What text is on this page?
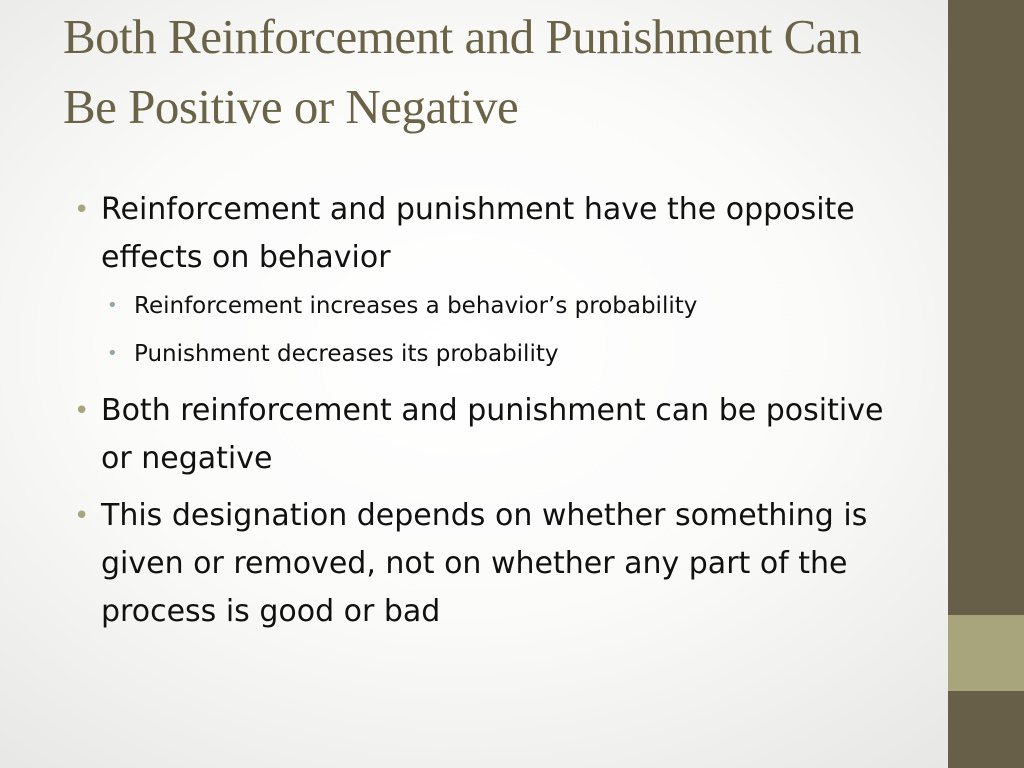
Both Reinforcement and Punishment Can Be Positive or Negative
• Reinforcement and punishment have the opposite effects on behavior
• Reinforcement increases a behavior’s probability
• Punishment decreases its probability
• Both reinforcement and punishment can be positive or negative
• This designation depends on whether something is given or removed, not on whether any part of the process is good or bad
